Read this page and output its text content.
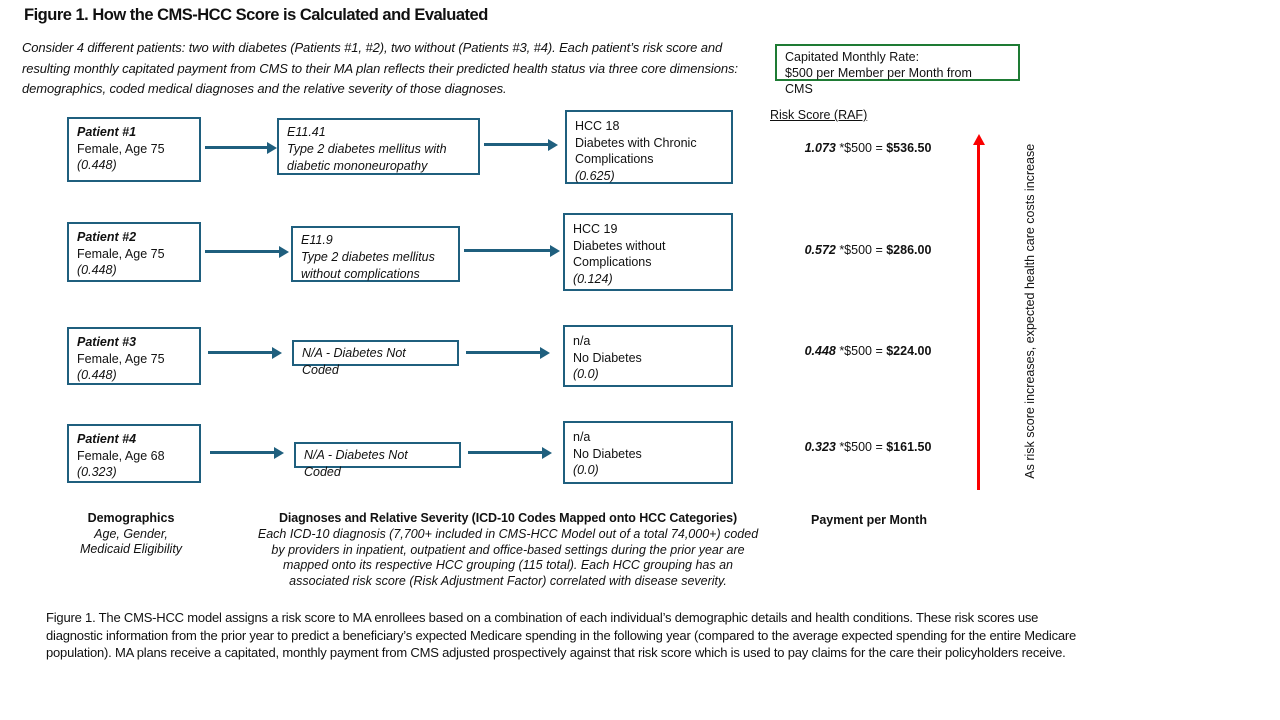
Figure 1. How the CMS-HCC Score is Calculated and Evaluated
Consider 4 different patients: two with diabetes (Patients #1, #2), two without (Patients #3, #4). Each patient’s risk score and resulting monthly capitated payment from CMS to their MA plan reflects their predicted health status via three core dimensions: demographics, coded medical diagnoses and the relative severity of those diagnoses.
Capitated Monthly Rate:
$500 per Member per Month from
CMS
Risk Score (RAF)
Patient #1
Female, Age 75
(0.448)
E11.41
Type 2 diabetes mellitus with
diabetic mononeuropathy
HCC 18
Diabetes with Chronic Complications
(0.625)
1.073 *$500 = $536.50
Patient #2
Female, Age 75
(0.448)
E11.9
Type 2 diabetes mellitus
without complications
HCC 19
Diabetes without Complications
(0.124)
0.572 *$500 = $286.00
Patient #3
Female, Age 75
(0.448)
N/A - Diabetes Not
Coded
n/a
No Diabetes
(0.0)
0.448 *$500 = $224.00
Patient #4
Female, Age 68
(0.323)
N/A - Diabetes Not
Coded
n/a
No Diabetes
(0.0)
0.323 *$500 = $161.50	As risk score increases, expected health care costs increase
Demographics
Age, Gender,
Medicaid Eligibility
Diagnoses and Relative Severity (ICD-10 Codes Mapped onto HCC Categories)
Each ICD-10 diagnosis (7,700+ included in CMS-HCC Model out of a total 74,000+) coded by providers in inpatient, outpatient and office-based settings during the prior year are mapped onto its respective HCC grouping (115 total). Each HCC grouping has an associated risk score (Risk Adjustment Factor) correlated with disease severity.
Payment per Month
Figure 1. The CMS-HCC model assigns a risk score to MA enrollees based on a combination of each individual’s demographic details and health conditions. These risk scores use diagnostic information from the prior year to predict a beneficiary’s expected Medicare spending in the following year (compared to the average expected spending for the entire Medicare population). MA plans receive a capitated, monthly payment from CMS adjusted prospectively against that risk score which is used to pay claims for the care their policyholders receive.
